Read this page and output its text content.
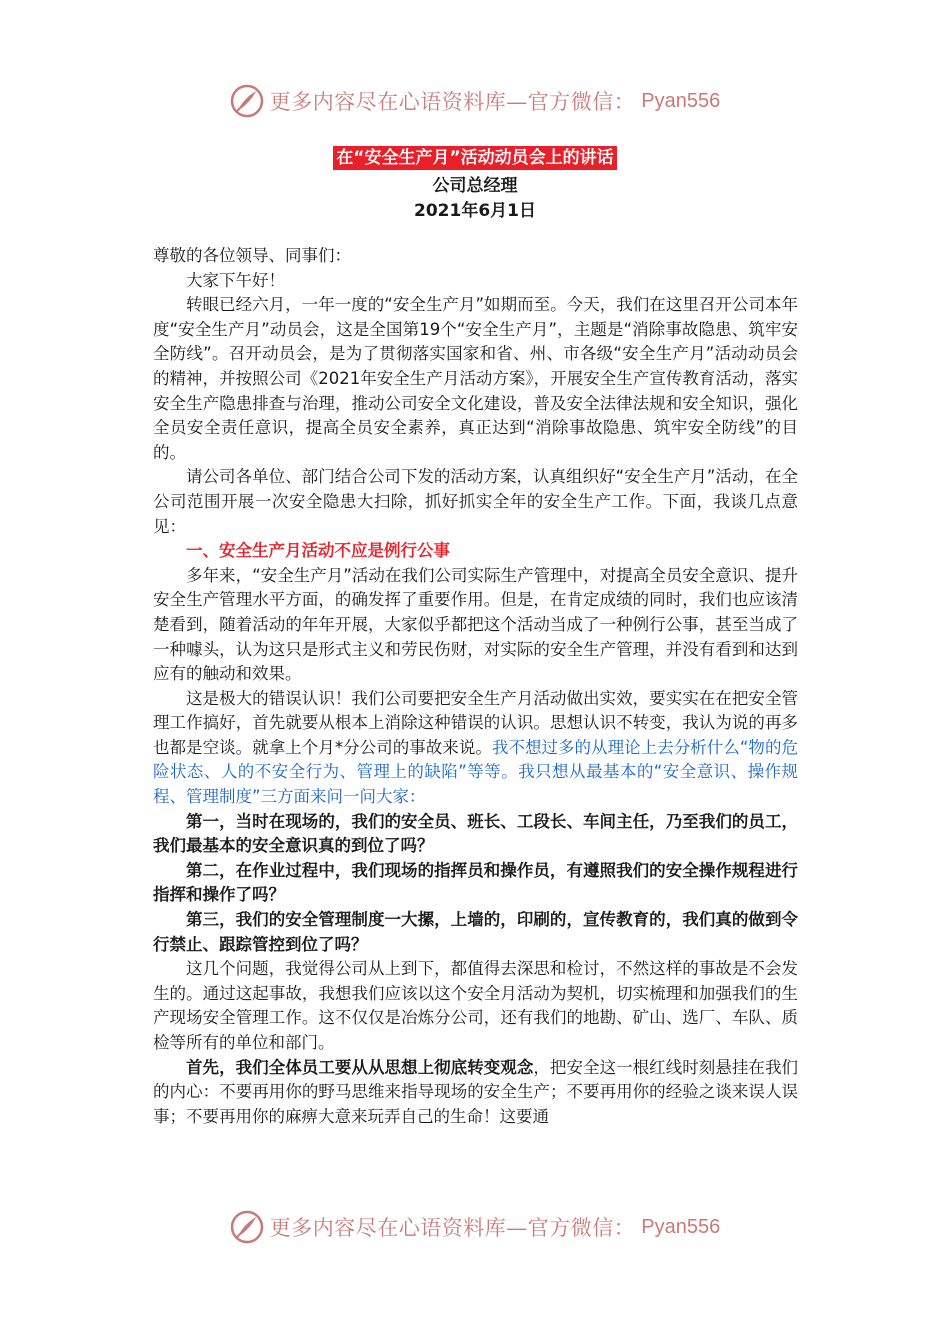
更多内容尽在心语资料库—官方微信： Pyan556
在“安全生产月”活动动员会上的讲话
公司总经理
2021年6月1日

尊敬的各位领导、同事们：

大家下午好！

转眼已经六月，一年一度的“安全生产月”如期而至。今天，我们在这里召开公司本年度“安全生产月”动员会，这是全国第19个“安全生产月”，主题是“消除事故隐患、筑牢安全防线”。召开动员会，是为了贯彻落实国家和省、州、市各级“安全生产月”活动动员会的精神，并按照公司《2021年安全生产月活动方案》，开展安全生产宣传教育活动，落实安全生产隐患排查与治理，推动公司安全文化建设，普及安全法律法规和安全知识，强化全员安全责任意识，提高全员安全素养，真正达到“消除事故隐患、筑牢安全防线”的目的。

请公司各单位、部门结合公司下发的活动方案，认真组织好“安全生产月”活动，在全公司范围开展一次安全隐患大扫除，抓好抓实全年的安全生产工作。下面，我谈几点意见：

一、安全生产月活动不应是例行公事

多年来，“安全生产月”活动在我们公司实际生产管理中，对提高全员安全意识、提升安全生产管理水平方面，的确发挥了重要作用。但是，在肯定成绩的同时，我们也应该清楚看到，随着活动的年年开展，大家似乎都把这个活动当成了一种例行公事，甚至当成了一种噱头，认为这只是形式主义和劳民伤财，对实际的安全生产管理，并没有看到和达到应有的触动和效果。

这是极大的错误认识！我们公司要把安全生产月活动做出实效，要实实在在把安全管理工作搞好，首先就要从根本上消除这种错误的认识。思想认识不转变，我认为说的再多也都是空谈。就拿上个月*分公司的事故来说。我不想过多的从理论上去分析什么“物的危险状态、人的不安全行为、管理上的缺陷”等等。我只想从最基本的“安全意识、操作规程、管理制度”三方面来问一问大家：

第一，当时在现场的，我们的安全员、班长、工段长、车间主任，乃至我们的员工，我们最基本的安全意识真的到位了吗？

第二，在作业过程中，我们现场的指挥员和操作员，有遵照我们的安全操作规程进行指挥和操作了吗？

第三，我们的安全管理制度一大摞，上墙的，印刷的，宣传教育的，我们真的做到令行禁止、跟踪管控到位了吗？

这几个问题，我觉得公司从上到下，都值得去深思和检讨，不然这样的事故是不会发生的。通过这起事故，我想我们应该以这个安全月活动为契机，切实梳理和加强我们的生产现场安全管理工作。这不仅仅是冶炼分公司，还有我们的地勘、矿山、选厂、车队、质检等所有的单位和部门。

首先，我们全体员工要从从思想上彻底转变观念，把安全这一根红线时刻悬挂在我们的内心：不要再用你的野马思维来指导现场的安全生产；不要再用你的经验之谈来误人误事；不要再用你的麻痹大意来玩弄自己的生命！这要通

更多内容尽在心语资料库—官方微信： Pyan556
